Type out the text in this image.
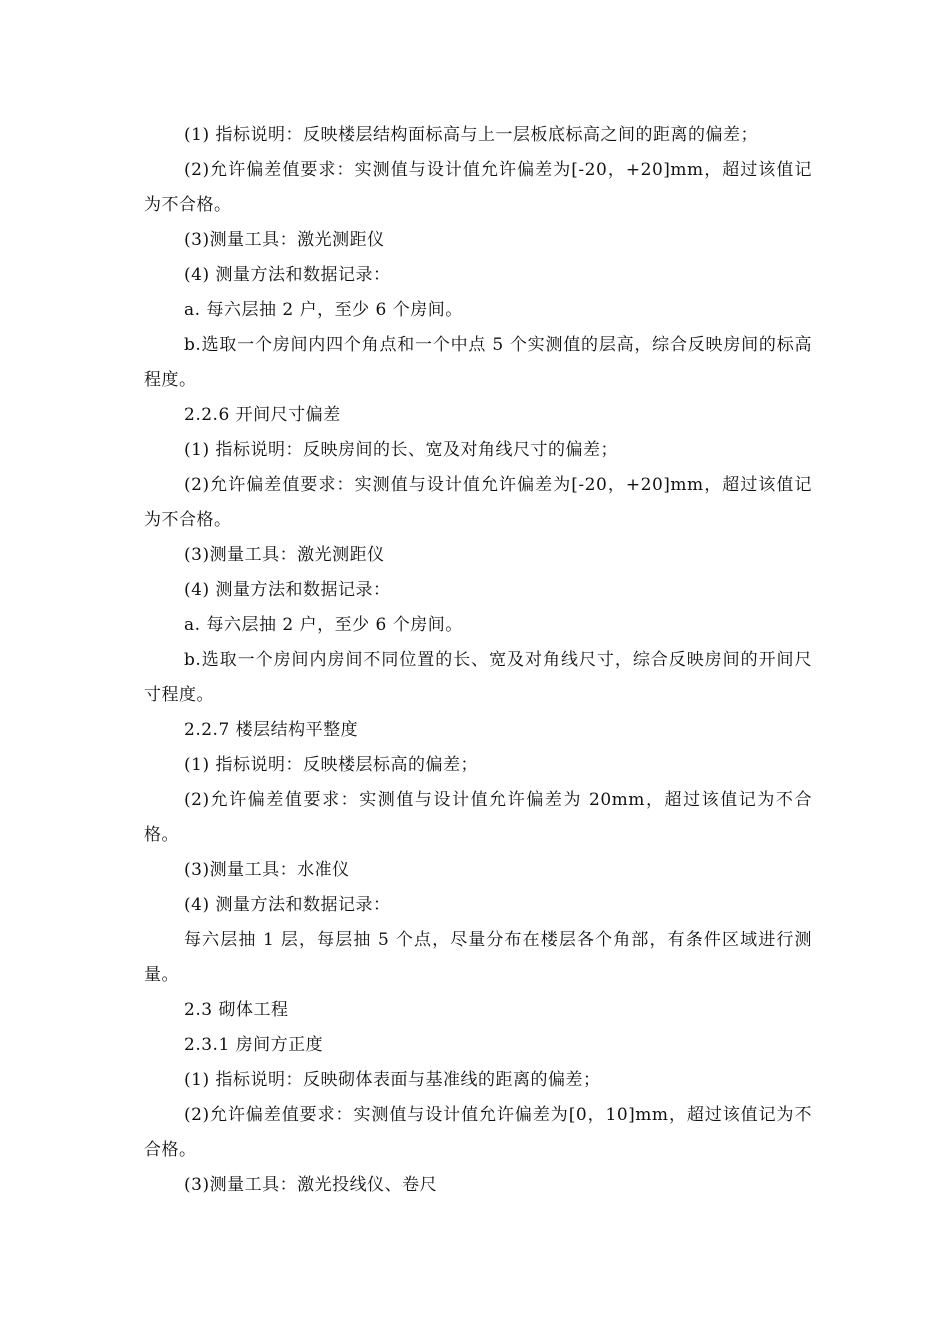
(1) 指标说明：反映楼层结构面标高与上一层板底标高之间的距离的偏差；

(2)允许偏差值要求：实测值与设计值允许偏差为[-20，+20]mm，超过该值记为不合格。

(3)测量工具：激光测距仪

(4) 测量方法和数据记录：

a. 每六层抽 2 户，至少 6 个房间。

b.选取一个房间内四个角点和一个中点 5 个实测值的层高，综合反映房间的标高程度。

2.2.6 开间尺寸偏差

(1) 指标说明：反映房间的长、宽及对角线尺寸的偏差；

(2)允许偏差值要求：实测值与设计值允许偏差为[-20，+20]mm，超过该值记为不合格。

(3)测量工具：激光测距仪

(4) 测量方法和数据记录：

a. 每六层抽 2 户，至少 6 个房间。

b.选取一个房间内房间不同位置的长、宽及对角线尺寸，综合反映房间的开间尺寸程度。

2.2.7 楼层结构平整度

(1) 指标说明：反映楼层标高的偏差；

(2)允许偏差值要求：实测值与设计值允许偏差为 20mm，超过该值记为不合格。

(3)测量工具：水准仪

(4) 测量方法和数据记录：

每六层抽 1 层，每层抽 5 个点，尽量分布在楼层各个角部，有条件区域进行测量。

2.3 砌体工程

2.3.1 房间方正度

(1) 指标说明：反映砌体表面与基准线的距离的偏差；

(2)允许偏差值要求：实测值与设计值允许偏差为[0，10]mm，超过该值记为不合格。

(3)测量工具：激光投线仪、卷尺
